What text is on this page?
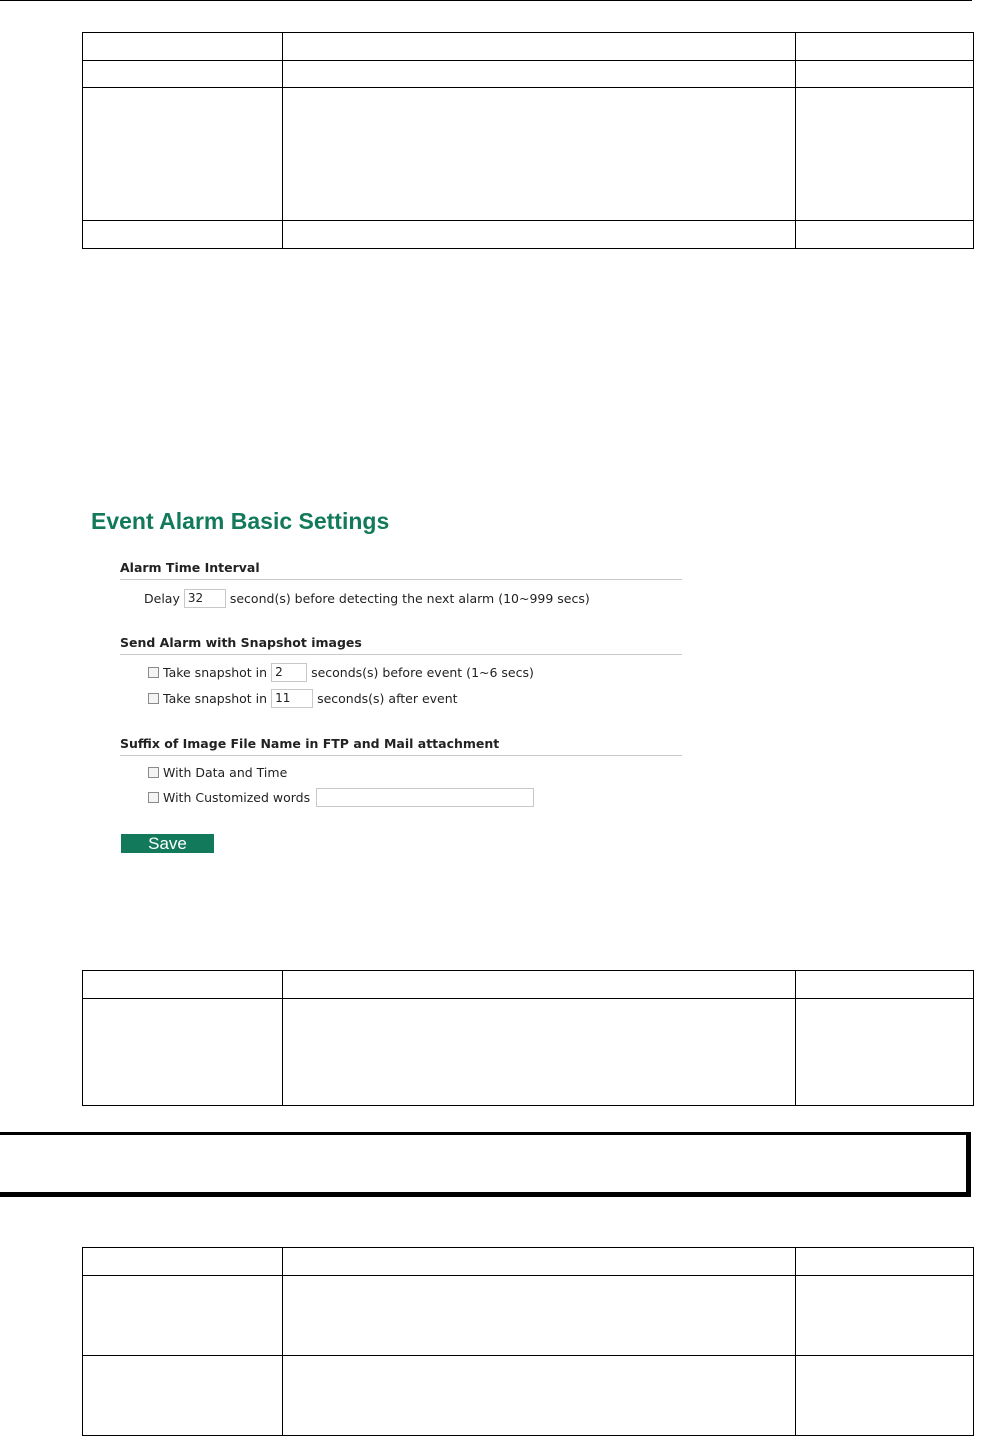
Event Alarm Basic Settings
Alarm Time Interval
Delay 32	second(s) before detecting the next alarm (10~999 secs)
Send Alarm with Snapshot images
Take snapshot in 2	seconds(s) before event (1~6 secs)
Take snapshot in 11	seconds(s) after event
Suffix of Image File Name in FTP and Mail attachment
With Data and Time
With Customized words
Save
